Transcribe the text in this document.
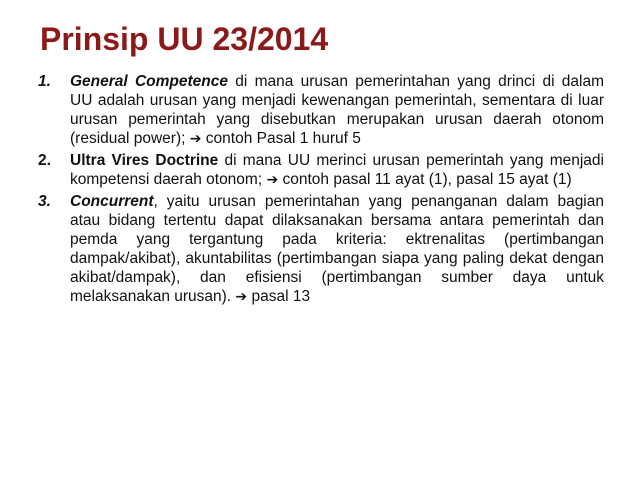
Prinsip UU 23/2014
1. General Competence di mana urusan pemerintahan yang drinci di dalam UU adalah urusan yang menjadi kewenangan pemerintah, sementara di luar urusan pemerintah yang disebutkan merupakan urusan daerah otonom (residual power); ➔ contoh Pasal 1 huruf 5
2. Ultra Vires Doctrine di mana UU merinci urusan pemerintah yang menjadi kompetensi daerah otonom; ➔ contoh pasal 11 ayat (1), pasal 15 ayat (1)
3. Concurrent, yaitu urusan pemerintahan yang penanganan dalam bagian atau bidang tertentu dapat dilaksanakan bersama antara pemerintah dan pemda yang tergantung pada kriteria: ektrenalitas (pertimbangan dampak/akibat), akuntabilitas (pertimbangan siapa yang paling dekat dengan akibat/dampak), dan efisiensi (pertimbangan sumber daya untuk melaksanakan urusan). ➔ pasal 13
